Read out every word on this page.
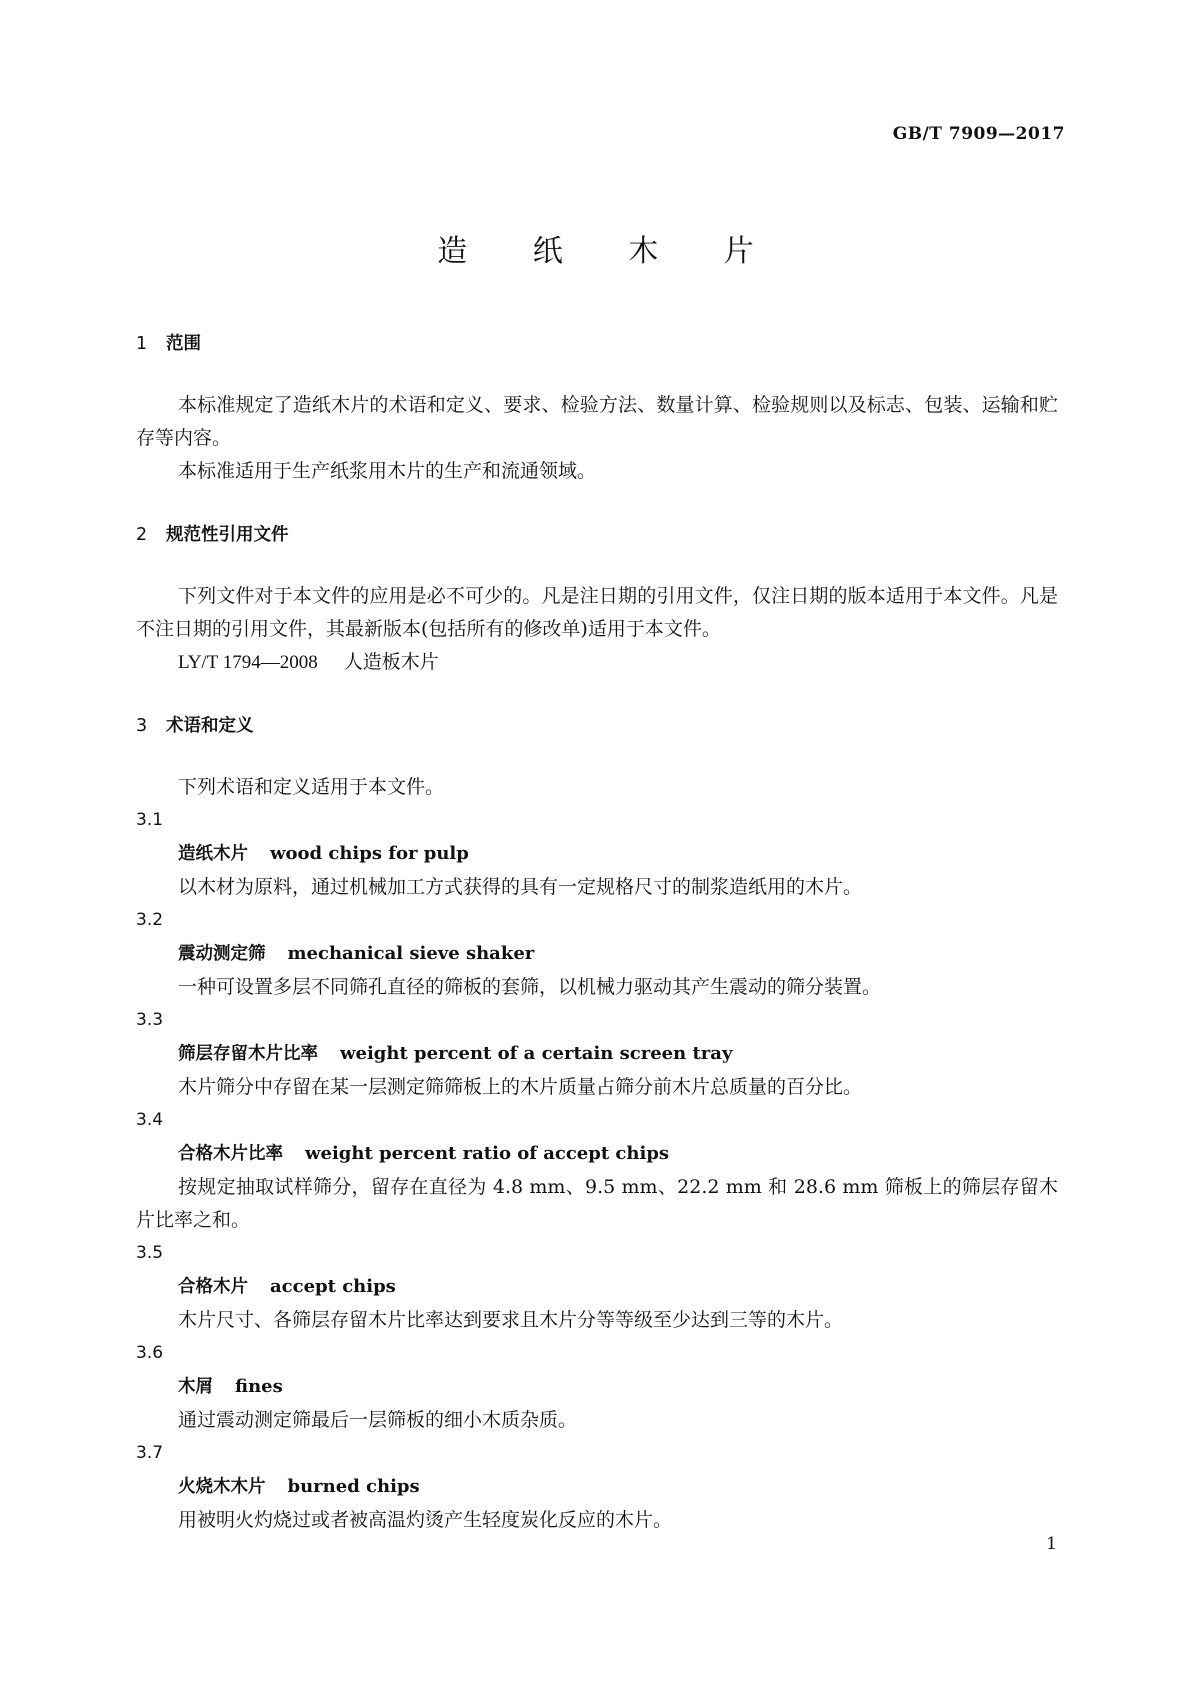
GB/T 7909—2017
造 纸 木 片
1 范围

本标准规定了造纸木片的术语和定义、要求、检验方法、数量计算、检验规则以及标志、包装、运输和贮存等内容。

本标准适用于生产纸浆用木片的生产和流通领域。

2 规范性引用文件

下列文件对于本文件的应用是必不可少的。凡是注日期的引用文件，仅注日期的版本适用于本文件。凡是不注日期的引用文件，其最新版本(包括所有的修改单)适用于本文件。

LY/T 1794—2008 人造板木片

3 术语和定义

下列术语和定义适用于本文件。

3.1
造纸木片 wood chips for pulp

以木材为原料，通过机械加工方式获得的具有一定规格尺寸的制浆造纸用的木片。

3.2
震动测定筛 mechanical sieve shaker

一种可设置多层不同筛孔直径的筛板的套筛，以机械力驱动其产生震动的筛分装置。

3.3
筛层存留木片比率 weight percent of a certain screen tray

木片筛分中存留在某一层测定筛筛板上的木片质量占筛分前木片总质量的百分比。

3.4
合格木片比率 weight percent ratio of accept chips

按规定抽取试样筛分，留存在直径为 4.8 mm、9.5 mm、22.2 mm 和 28.6 mm 筛板上的筛层存留木片比率之和。

3.5
合格木片 accept chips

木片尺寸、各筛层存留木片比率达到要求且木片分等等级至少达到三等的木片。

3.6
木屑 fines

通过震动测定筛最后一层筛板的细小木质杂质。

3.7
火烧木木片 burned chips

用被明火灼烧过或者被高温灼烫产生轻度炭化反应的木片。

1
